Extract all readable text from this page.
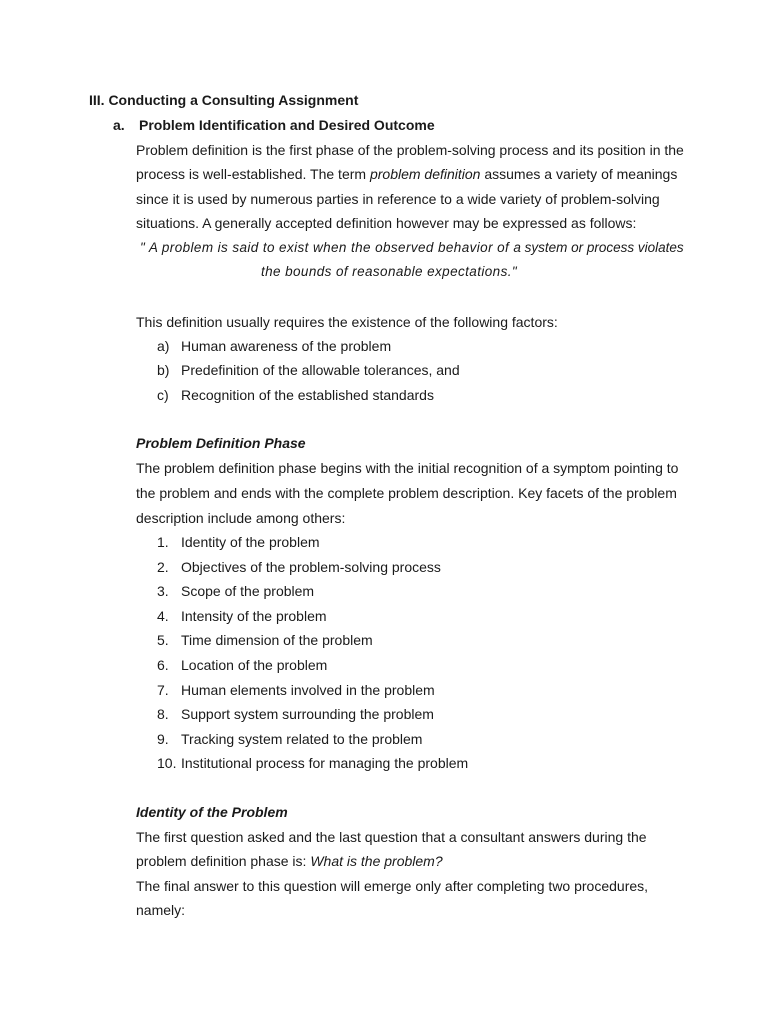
III. Conducting a Consulting Assignment
a. Problem Identification and Desired Outcome
Problem definition is the first phase of the problem-solving process and its position in the
process is well-established. The term problem definition assumes a variety of meanings
since it is used by numerous parties in reference to a wide variety of problem-solving
situations. A generally accepted definition however may be expressed as follows:
" A problem is said to exist when the observed behavior of a system or process violates
the bounds of reasonable expectations."
This definition usually requires the existence of the following factors:
a) Human awareness of the problem
b) Predefinition of the allowable tolerances, and
c) Recognition of the established standards
Problem Definition Phase
The problem definition phase begins with the initial recognition of a symptom pointing to
the problem and ends with the complete problem description. Key facets of the problem
description include among others:
1. Identity of the problem
2. Objectives of the problem-solving process
3. Scope of the problem
4. Intensity of the problem
5. Time dimension of the problem
6. Location of the problem
7. Human elements involved in the problem
8. Support system surrounding the problem
9. Tracking system related to the problem
10. Institutional process for managing the problem
Identity of the Problem
The first question asked and the last question that a consultant answers during the
problem definition phase is: What is the problem?
The final answer to this question will emerge only after completing two procedures,
namely:
